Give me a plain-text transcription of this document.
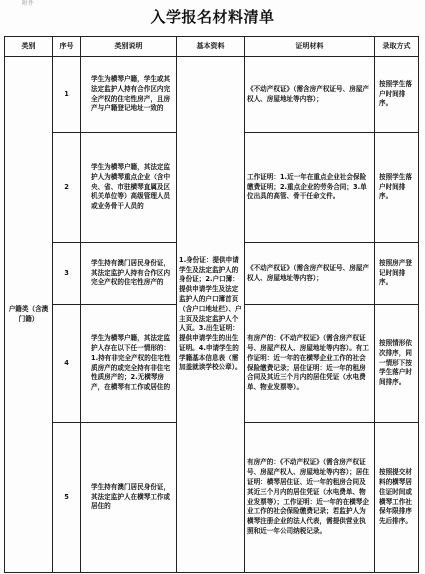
附件
入学报名材料清单
类别	序号	类别说明	基本资料	证明材料	录取方式
户籍类（含澳门籍）	1	学生为横琴户籍，学生或其法定监护人持有合作区内完全产权的住宅性房产，且房产与户籍登记地址一致的	1.身份证：提供申请学生及法定监护人的身份证；2.户口簿：提供申请学生及法定监护人的户口簿首页（含户口地址栏）、户主页及法定监护人个人页。3.出生证明：提供申请学生的出生证明。4.申请学生的学籍基本信息表（需加盖就读学校公章）。	《不动产权证》（需含房产权证号、房屋产权人、房屋地址等内容）；	按照学生落户时间排序。
	2	学生为横琴户籍，其法定监护人为横琴重点企业（含中央、省、市驻横琴直属及区机关单位等）高级管理人员或业务骨干人员的		工作证明：1.近一年在重点企业社会保险缴费证明；2.重点企业的劳务合同；3.单位出具的高管、骨干任命文件。	按照学生落户时间排序。
	3	学生持有澳门居民身份证，其法定监护人持有合作区内完全产权的住宅性房产的		《不动产权证》（需含房产权证号、房屋产权人、房屋地址等内容）；	按照房产登记时间排序。
	4	学生为横琴户籍，其法定监护人存在以下任一情形的：1.持有非完全产权的住宅性质房产的或完全持有非住宅性质房产的；2.无横琴房产，在横琴有工作或居住的		有房产的：《不动产权证》（需含房产权证号、房屋产权人、房屋地址等内容）。有工作证明：近一年的在横琴企业工作的社会保险缴费记录；居住证明：近一年的租房合同及其近三个月内的居住凭证（水电费单、物业发票等）。	按照情形依次排序，同一情形下按学生落户时间排序。
	5	学生持有澳门居民身份证，其法定监护人在横琴工作或居住的		有房产的：《不动产权证》（需含房产权证号、房屋产权人、房屋地址等内容）；居住证明：横琴居住证、近一年的租房合同及其近三个月内的居住凭证（水电费单、物业发票等）；工作证明：近一年的在横琴企业工作的社会保险缴费记录；若监护人为横琴注册企业的法人代表，需提供营业执照和近一年公司纳税记录。	按照提交材料的横琴居住证时间或横琴工作社保年限排序先后排序。
